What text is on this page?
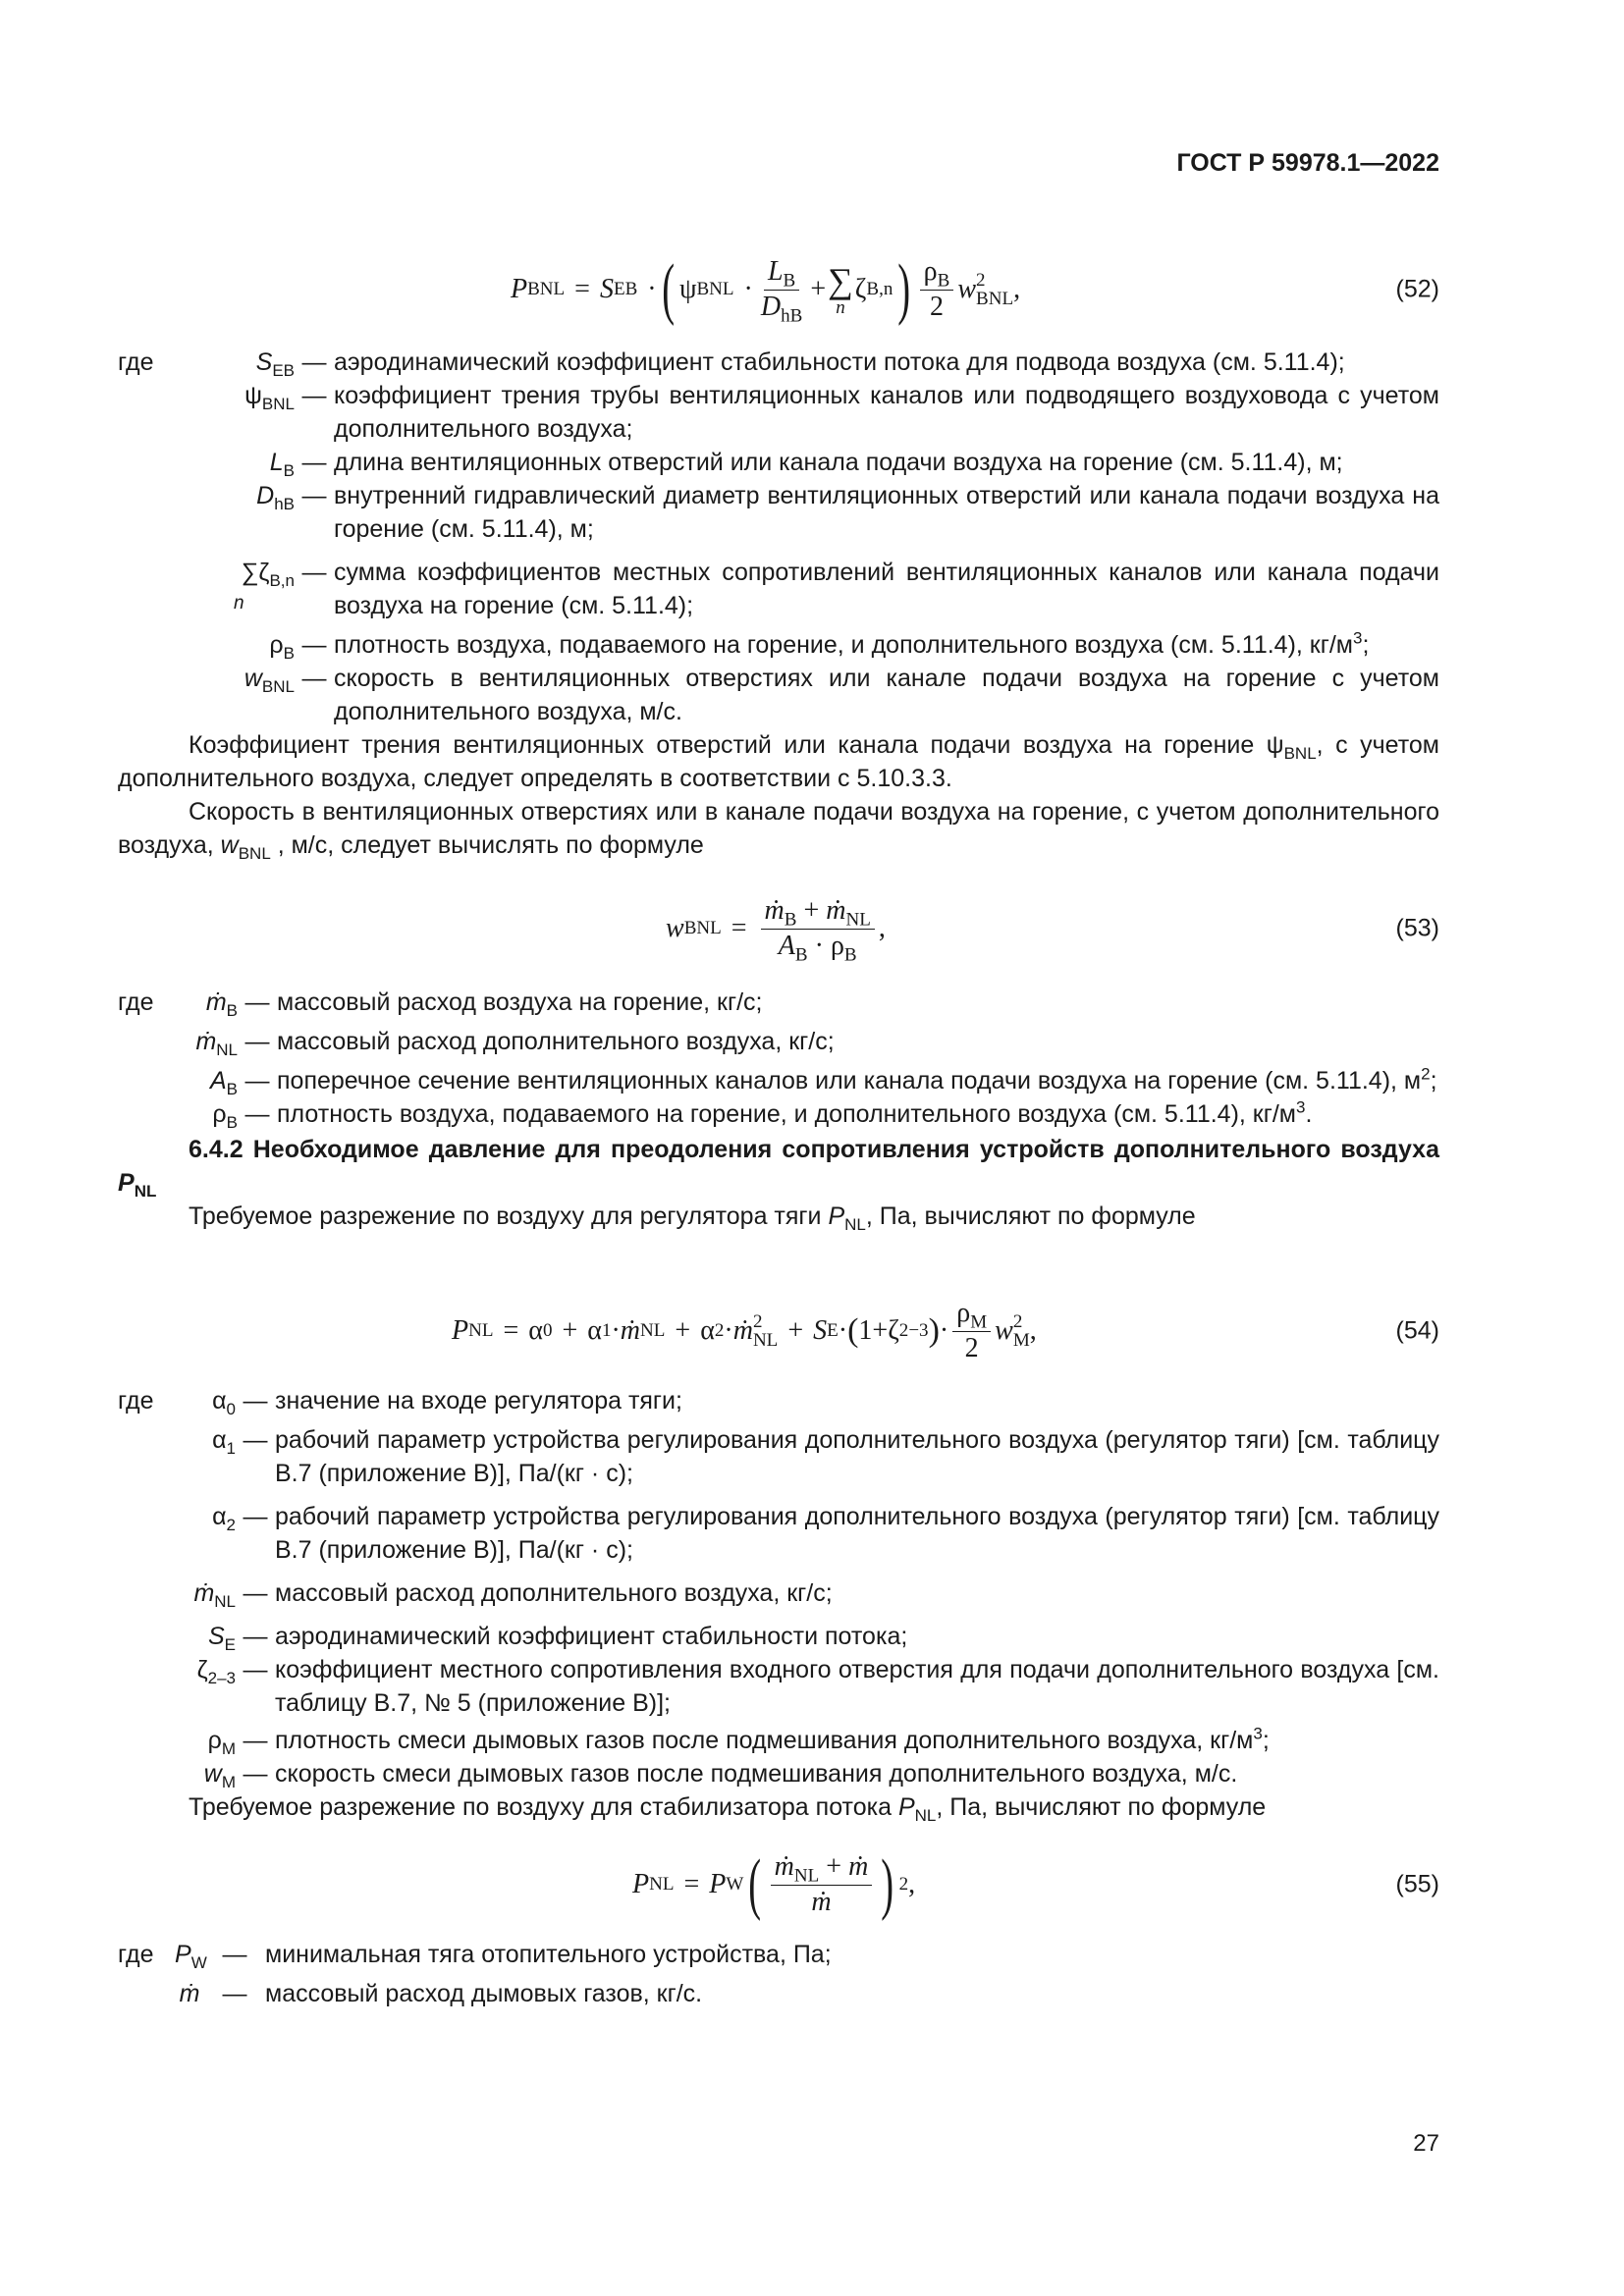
ГОСТ Р 59978.1—2022
P BNL = S EB · ( ψ BNL · $\frac{L_B}{D_{hB}}$ + ∑
n
ζ B,n ) $\frac{\rho_B}{2}$ w 2
BNL ,	(52)
где	$S_{EB}$ — аэродинамический коэффициент стабильности потока для подвода воздуха (см. 5.11.4);
$\psi_{BNL}$ — коэффициент трения трубы вентиляционных каналов или подводящего воздуховода с учетом дополнительного воздуха;
$L_B$ — длина вентиляционных отверстий или канала подачи воздуха на горение (см. 5.11.4), м;
$D_{hB}$ — внутренний гидравлический диаметр вентиляционных отверстий или канала подачи воздуха на горение (см. 5.11.4), м;
$\sum\zeta_{B,n}$
n
— сумма коэффициентов местных сопротивлений вентиляционных каналов или канала подачи воздуха на горение (см. 5.11.4);
$\rho_B$ — плотность воздуха, подаваемого на горение, и дополнительного воздуха (см. 5.11.4), $кг/м^3$;
$w_{BNL}$ — скорость в вентиляционных отверстиях или канале подачи воздуха на горение с учетом дополнительного воздуха, м/с.
Коэффициент трения вентиляционных отверстий или канала подачи воздуха на горение $\psi_{BNL}$, с учетом дополнительного воздуха, следует определять в соответствии с 5.10.3.3.
Скорость в вентиляционных отверстиях или в канале подачи воздуха на горение, с учетом дополнительного воздуха, $w_{BNL}$ , м/с, следует вычислять по формуле
w BNL = $\frac{ṁ_B + ṁ_{NL}}{A_B \cdot \rho_B}$ ,	(53)
где	ṁ$_B$ — массовый расход воздуха на горение, кг/с;
ṁ$_{NL}$ — массовый расход дополнительного воздуха, кг/с;
$A_B$ — поперечное сечение вентиляционных каналов или канала подачи воздуха на горение (см. 5.11.4), $м^2$;
$\rho_B$ — плотность воздуха, подаваемого на горение, и дополнительного воздуха (см. 5.11.4), $кг/м^3$.
6.4.2 Необходимое давление для преодоления сопротивления устройств дополнительного воздуха $P_{NL}$
Требуемое разрежение по воздуху для регулятора тяги $P_{NL}$, Па, вычисляют по формуле
P NL = α 0 + α 1 · ṁ NL + α 2 · ṁ 2
NL + S E · ( 1 + ζ 2−3 ) · $\frac{\rho_M}{2}$ w 2
M ,	(54)
где	$\alpha_0$ — значение на входе регулятора тяги;
$\alpha_1$ — рабочий параметр устройства регулирования дополнительного воздуха (регулятор тяги) [см. таблицу В.7 (приложение В)], Па/(кг · с);
$\alpha_2$ — рабочий параметр устройства регулирования дополнительного воздуха (регулятор тяги) [см. таблицу В.7 (приложение В)], Па/(кг · с);
ṁ$_{NL}$ — массовый расход дополнительного воздуха, кг/с;
$S_E$ — аэродинамический коэффициент стабильности потока;
$\zeta_{2-3}$ — коэффициент местного сопротивления входного отверстия для подачи дополнительного воздуха [см. таблицу В.7, № 5 (приложение В)];
$\rho_M$ — плотность смеси дымовых газов после подмешивания дополнительного воздуха, $кг/м^3$;
$w_M$ — скорость смеси дымовых газов после подмешивания дополнительного воздуха, м/с.
Требуемое разрежение по воздуху для стабилизатора потока $P_{NL}$, Па, вычисляют по формуле
P NL = P W ( $\frac{ṁ_{NL} + ṁ}{\text{ṁ}}$ ) 2 ,	(55)
где $P_W$ — минимальная тяга отопительного устройства, Па;
ṁ — массовый расход дымовых газов, кг/с.
27
